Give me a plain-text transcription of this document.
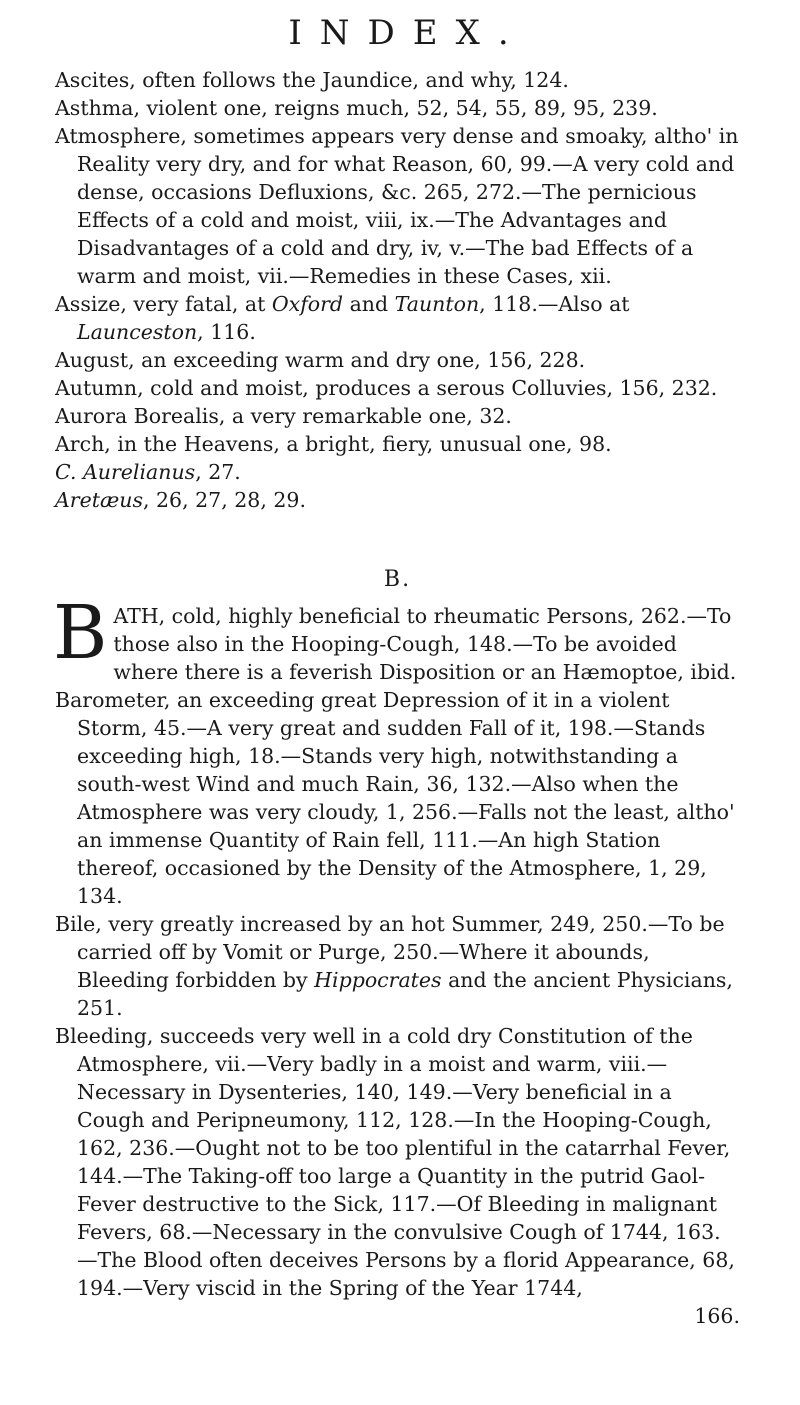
INDEX.

Ascites, often follows the Jaundice, and why, 124.

Asthma, violent one, reigns much, 52, 54, 55, 89, 95, 239.

Atmosphere, sometimes appears very dense and smoaky, altho' in Reality very dry, and for what Reason, 60, 99.—A very cold and dense, occasions Defluxions, &c. 265, 272.—The pernicious Effects of a cold and moist, viii, ix.—The Advantages and Disadvantages of a cold and dry, iv, v.—The bad Effects of a warm and moist, vii.—Remedies in these Cases, xii.

Assize, very fatal, at Oxford and Taunton, 118.—Also at Launceston, 116.

August, an exceeding warm and dry one, 156, 228.

Autumn, cold and moist, produces a serous Colluvies, 156, 232.

Aurora Borealis, a very remarkable one, 32.

Arch, in the Heavens, a bright, fiery, unusual one, 98.

C. Aurelianus, 27.

Aretæus, 26, 27, 28, 29.

B.

BATH, cold, highly beneficial to rheumatic Persons, 262.—To those also in the Hooping-Cough, 148.—To be avoided where there is a feverish Disposition or an Hæmoptoe, ibid.

Barometer, an exceeding great Depression of it in a violent Storm, 45.—A very great and sudden Fall of it, 198.—Stands exceeding high, 18.—Stands very high, notwithstanding a south-west Wind and much Rain, 36, 132.—Also when the Atmosphere was very cloudy, 1, 256.—Falls not the least, altho' an immense Quantity of Rain fell, 111.—An high Station thereof, occasioned by the Density of the Atmosphere, 1, 29, 134.

Bile, very greatly increased by an hot Summer, 249, 250.—To be carried off by Vomit or Purge, 250.—Where it abounds, Bleeding forbidden by Hippocrates and the ancient Physicians, 251.

Bleeding, succeeds very well in a cold dry Constitution of the Atmosphere, vii.—Very badly in a moist and warm, viii.—Necessary in Dysenteries, 140, 149.—Very beneficial in a Cough and Peripneumony, 112, 128.—In the Hooping-Cough, 162, 236.—Ought not to be too plentiful in the catarrhal Fever, 144.—The Taking-off too large a Quantity in the putrid Gaol-Fever destructive to the Sick, 117.—Of Bleeding in malignant Fevers, 68.—Necessary in the convulsive Cough of 1744, 163.—The Blood often deceives Persons by a florid Appearance, 68, 194.—Very viscid in the Spring of the Year 1744,

166.
